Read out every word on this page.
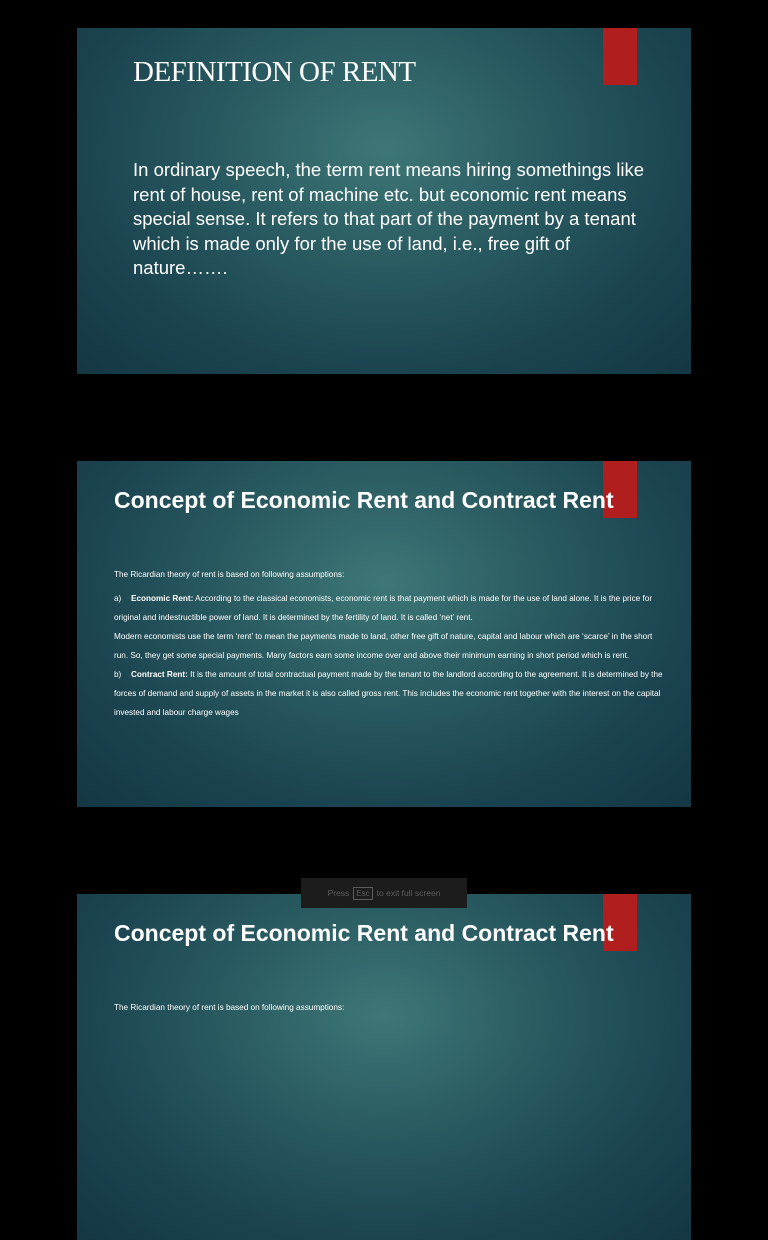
DEFINITION OF RENT

In ordinary speech, the term rent means hiring somethings like rent of house, rent of machine etc. but economic rent means special sense. It refers to that part of the payment by a tenant which is made only for the use of land, i.e., free gift of nature…….

Concept of Economic Rent and Contract Rent

The Ricardian theory of rent is based on following assumptions:

a) Economic Rent: According to the classical economists, economic rent is that payment which is made for the use of land alone. It is the price for original and indestructible power of land. It is determined by the fertility of land. It is called ‘net’ rent.

Modern economists use the term ‘rent’ to mean the payments made to land, other free gift of nature, capital and labour which are ‘scarce’ in the short run. So, they get some special payments. Many factors earn some income over and above their minimum earning in short period which is rent.

b) Contract Rent: It is the amount of total contractual payment made by the tenant to the landlord according to the agreement. It is determined by the forces of demand and supply of assets in the market it is also called gross rent. This includes the economic rent together with the interest on the capital invested and labour charge wages

Concept of Economic Rent and Contract Rent

The Ricardian theory of rent is based on following assumptions:

Press Esc to exit full screen
